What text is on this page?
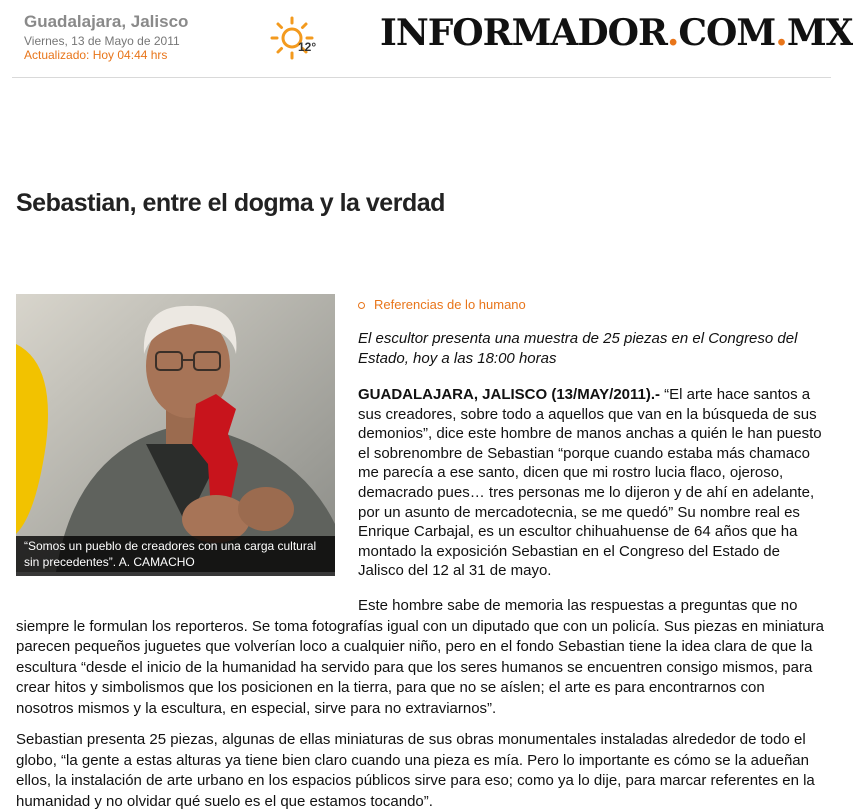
Guadalajara, Jalisco
Viernes, 13 de Mayo de 2011
Actualizado: Hoy 04:44 hrs
12° INFORMADOR.COM.MX
Sebastian, entre el dogma y la verdad
“Somos un pueblo de creadores con una carga cultural sin precedentes”. A. CAMACHO
Referencias de lo humano

El escultor presenta una muestra de 25 piezas en el Congreso del Estado, hoy a las 18:00 horas

GUADALAJARA, JALISCO (13/MAY/2011).- “El arte hace santos a sus creadores, sobre todo a aquellos que van en la búsqueda de sus demonios”, dice este hombre de manos anchas a quién le han puesto el sobrenombre de Sebastian “porque cuando estaba más chamaco me parecía a ese santo, dicen que mi rostro lucia flaco, ojeroso, demacrado pues… tres personas me lo dijeron y de ahí en adelante, por un asunto de mercadotecnia, se me quedó” Su nombre real es Enrique Carbajal, es un escultor chihuahuense de 64 años que ha montado la exposición Sebastian en el Congreso del Estado de Jalisco del 12 al 31 de mayo.

Este hombre sabe de memoria las respuestas a preguntas que no siempre le formulan los reporteros. Se toma fotografías igual con un diputado que con un policía. Sus piezas en miniatura parecen pequeños juguetes que volverían loco a cualquier niño, pero en el fondo Sebastian tiene la idea clara de que la escultura “desde el inicio de la humanidad ha servido para que los seres humanos se encuentren consigo mismos, para crear hitos y simbolismos que los posicionen en la tierra, para que no se aíslen; el arte es para encontrarnos con nosotros mismos y la escultura, en especial, sirve para no extraviarnos”.

Sebastian presenta 25 piezas, algunas de ellas miniaturas de sus obras monumentales instaladas alrededor de todo el globo, “la gente a estas alturas ya tiene bien claro cuando una pieza es mía. Pero lo importante es cómo se la adueñan ellos, la instalación de arte urbano en los espacios públicos sirve para eso; como ya lo dije, para marcar referentes en la humanidad y no olvidar qué suelo es el que estamos tocando”.
